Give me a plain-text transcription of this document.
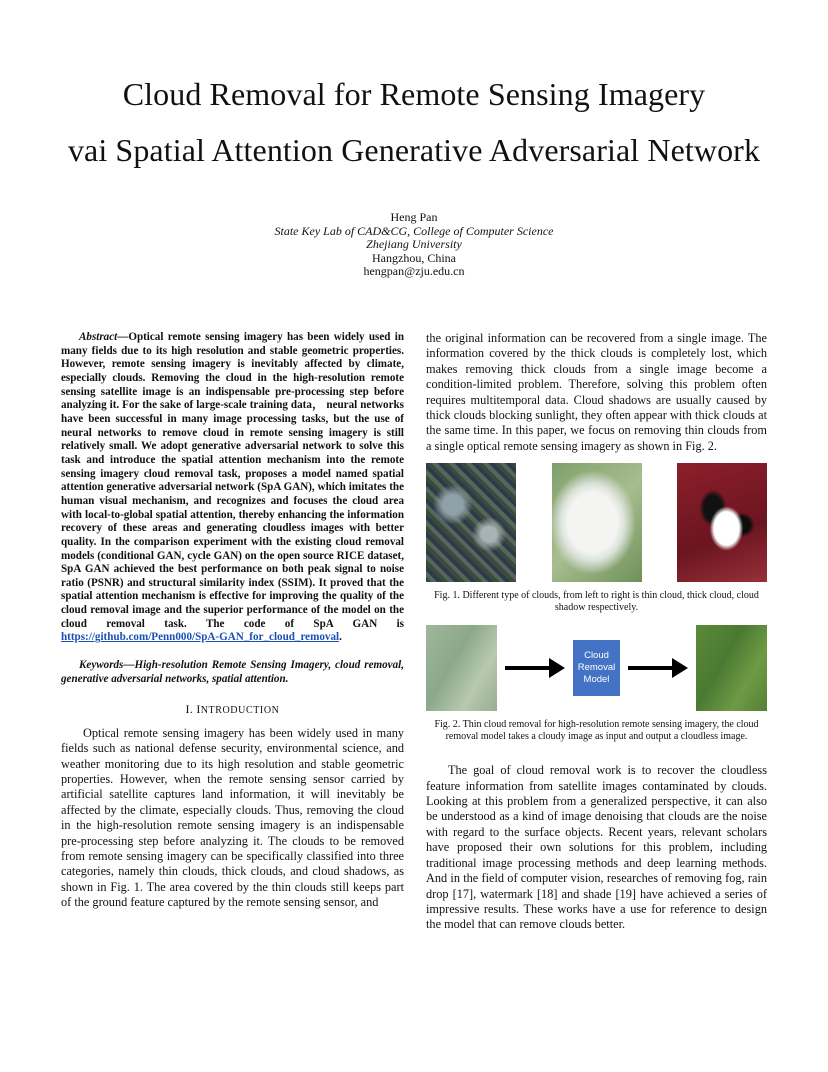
Cloud Removal for Remote Sensing Imagery
vai Spatial Attention Generative Adversarial Network
Heng Pan
State Key Lab of CAD&CG, College of Computer Science
Zhejiang University
Hangzhou, China
hengpan@zju.edu.cn

Abstract—Optical remote sensing imagery has been widely used in many fields due to its high resolution and stable geometric properties. However, remote sensing imagery is inevitably affected by climate, especially clouds. Removing the cloud in the high-resolution remote sensing satellite image is an indispensable pre-processing step before analyzing it. For the sake of large-scale training data， neural networks have been successful in many image processing tasks, but the use of neural networks to remove cloud in remote sensing imagery is still relatively small. We adopt generative adversarial network to solve this task and introduce the spatial attention mechanism into the remote sensing imagery cloud removal task, proposes a model named spatial attention generative adversarial network (SpA GAN), which imitates the human visual mechanism, and recognizes and focuses the cloud area with local-to-global spatial attention, thereby enhancing the information recovery of these areas and generating cloudless images with better quality. In the comparison experiment with the existing cloud removal models (conditional GAN, cycle GAN) on the open source RICE dataset, SpA GAN achieved the best performance on both peak signal to noise ratio (PSNR) and structural similarity index (SSIM). It proved that the spatial attention mechanism is effective for improving the quality of the cloud removal image and the superior performance of the model on the cloud removal task. The code of SpA GAN is https://github.com/Penn000/SpA-GAN_for_cloud_removal.

Keywords—High-resolution Remote Sensing Imagery, cloud removal, generative adversarial networks, spatial attention.

I. INTRODUCTION

Optical remote sensing imagery has been widely used in many fields such as national defense security, environmental science, and weather monitoring due to its high resolution and stable geometric properties. However, when the remote sensing sensor carried by artificial satellite captures land information, it will inevitably be affected by the climate, especially clouds. Thus, removing the cloud in the high-resolution remote sensing imagery is an indispensable pre-processing step before analyzing it. The clouds to be removed from remote sensing imagery can be specifically classified into three categories, namely thin clouds, thick clouds, and cloud shadows, as shown in Fig. 1. The area covered by the thin clouds still keeps part of the ground feature captured by the remote sensing sensor, and

the original information can be recovered from a single image. The information covered by the thick clouds is completely lost, which makes removing thick clouds from a single image become a condition-limited problem. Therefore, solving this problem often requires multitemporal data. Cloud shadows are usually caused by thick clouds blocking sunlight, they often appear with thick clouds at the same time. In this paper, we focus on removing thin clouds from a single optical remote sensing imagery as shown in Fig. 2.

Fig. 1. Different type of clouds, from left to right is thin cloud, thick cloud, cloud shadow respectively.
Cloud
Removal
Model
Fig. 2. Thin cloud removal for high-resolution remote sensing imagery, the cloud removal model takes a cloudy image as input and output a cloudless image.

The goal of cloud removal work is to recover the cloudless feature information from satellite images contaminated by clouds. Looking at this problem from a generalized perspective, it can also be understood as a kind of image denoising that clouds are the noise with regard to the surface objects. Recent years, relevant scholars have proposed their own solutions for this problem, including traditional image processing methods and deep learning methods. And in the field of computer vision, researches of removing fog, rain drop [17], watermark [18] and shade [19] have achieved a series of impressive results. These works have a use for reference to design the model that can remove clouds better.
